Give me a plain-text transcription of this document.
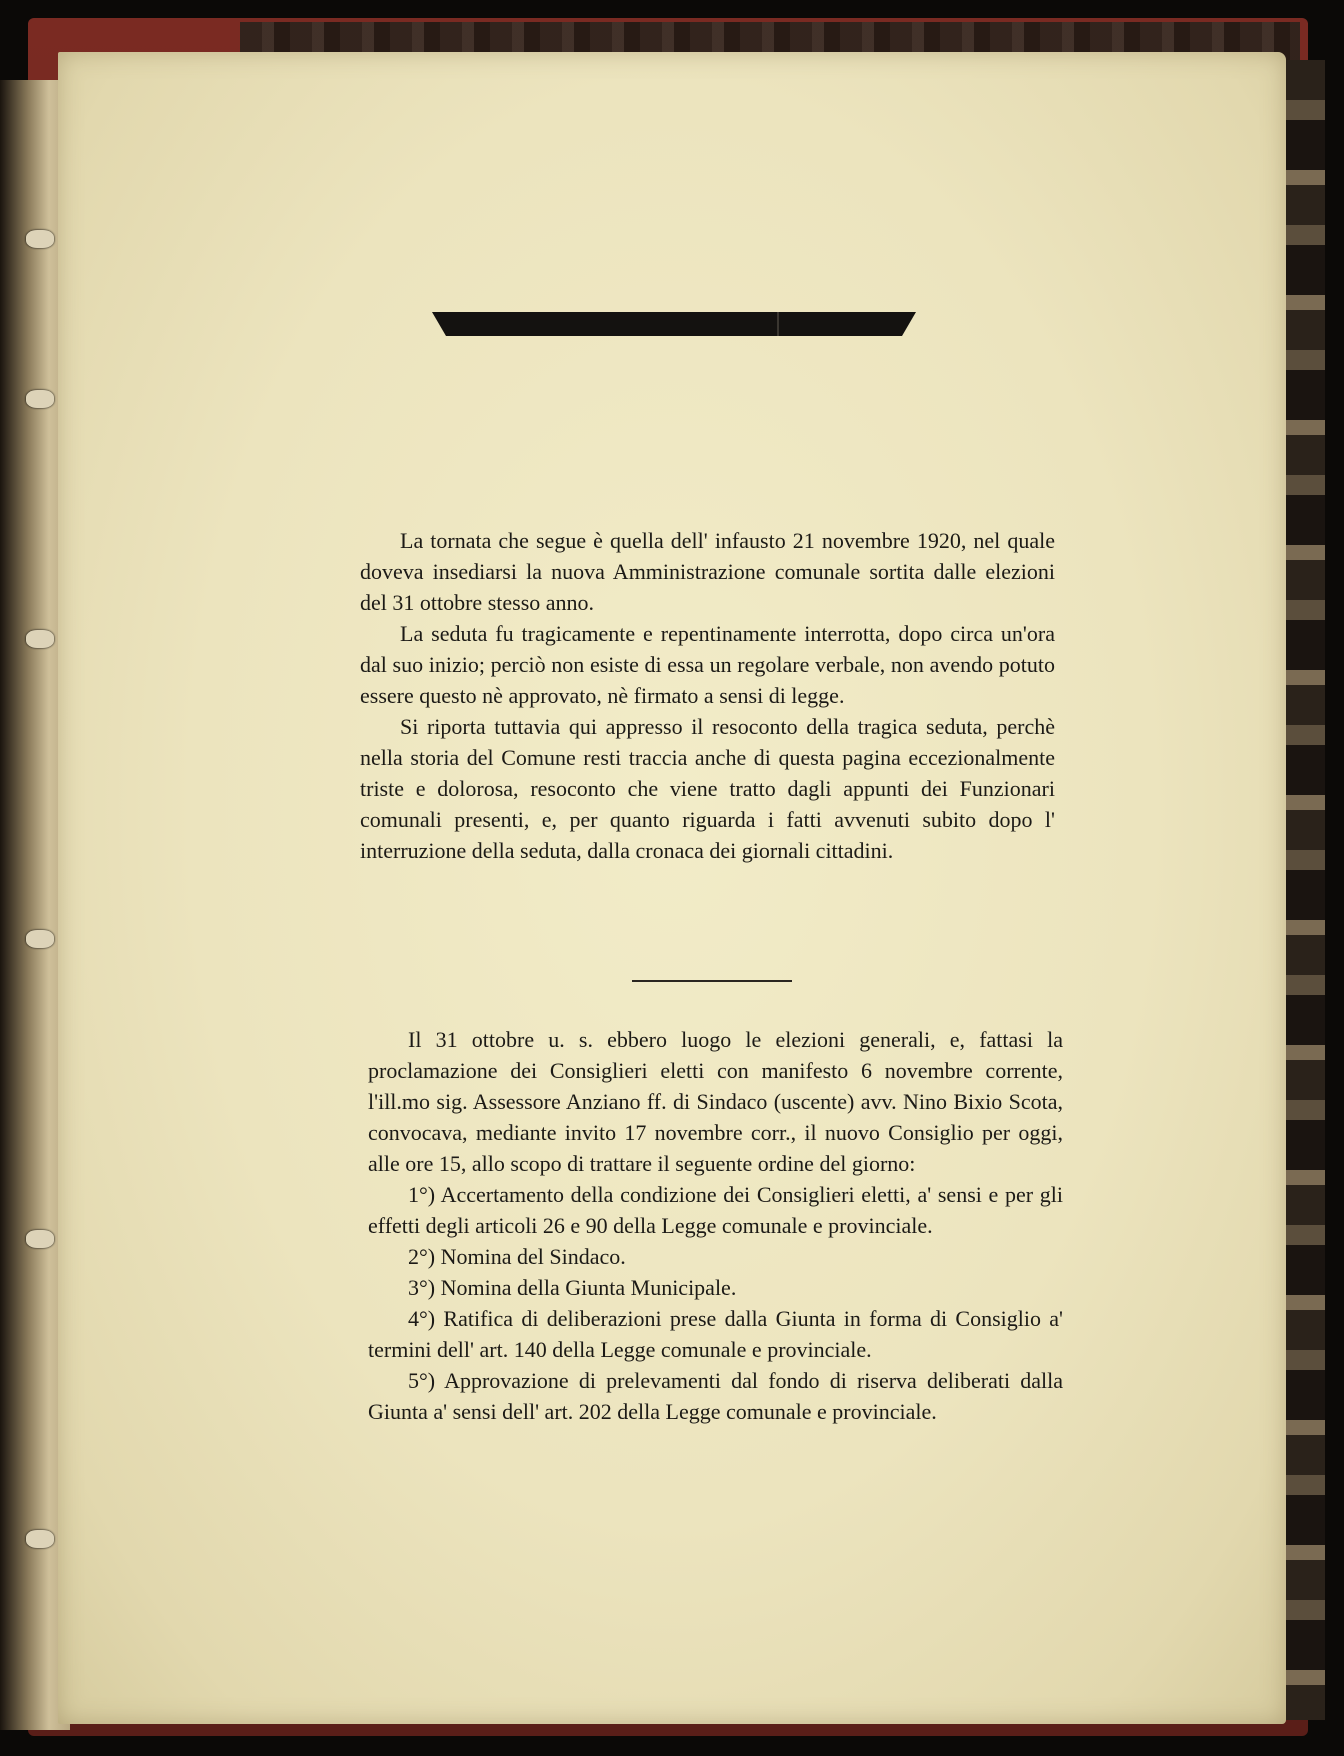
La tornata che segue è quella dell' infausto 21 novembre 1920, nel quale doveva insediarsi la nuova Amministrazione comunale sortita dalle elezioni del 31 ottobre stesso anno.

La seduta fu tragicamente e repentinamente interrotta, dopo circa un'ora dal suo inizio; perciò non esiste di essa un regolare verbale, non avendo potuto essere questo nè approvato, nè firmato a sensi di legge.

Si riporta tuttavia qui appresso il resoconto della tragica seduta, perchè nella storia del Comune resti traccia anche di questa pagina eccezionalmente triste e dolorosa, resoconto che viene tratto dagli appunti dei Funzionari comunali presenti, e, per quanto riguarda i fatti avvenuti subito dopo l' interruzione della seduta, dalla cronaca dei giornali cittadini.

Il 31 ottobre u. s. ebbero luogo le elezioni generali, e, fattasi la proclamazione dei Consiglieri eletti con manifesto 6 novembre corrente, l'ill.mo sig. Assessore Anziano ff. di Sindaco (uscente) avv. Nino Bixio Scota, convocava, mediante invito 17 novembre corr., il nuovo Consiglio per oggi, alle ore 15, allo scopo di trattare il seguente ordine del giorno:

1°) Accertamento della condizione dei Consiglieri eletti, a' sensi e per gli effetti degli articoli 26 e 90 della Legge comunale e provinciale.

2°) Nomina del Sindaco.

3°) Nomina della Giunta Municipale.

4°) Ratifica di deliberazioni prese dalla Giunta in forma di Consiglio a' termini dell' art. 140 della Legge comunale e provinciale.

5°) Approvazione di prelevamenti dal fondo di riserva deliberati dalla Giunta a' sensi dell' art. 202 della Legge comunale e provinciale.
